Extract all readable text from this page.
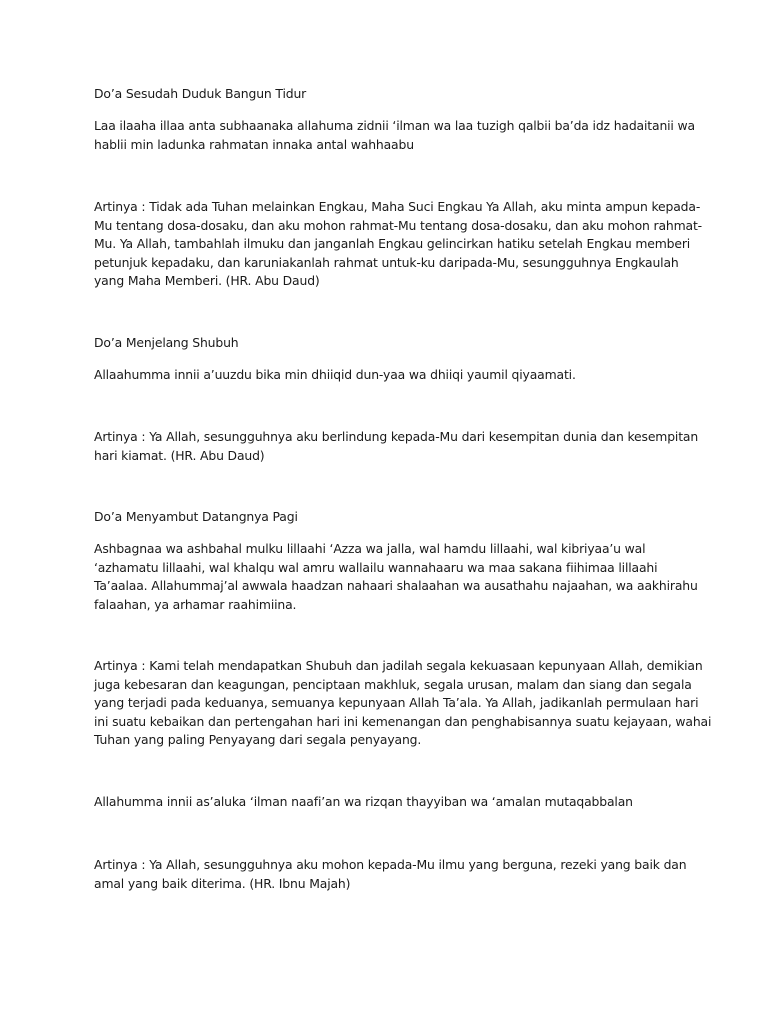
Do’a Sesudah Duduk Bangun Tidur

Laa ilaaha illaa anta subhaanaka allahuma zidnii ‘ilman wa laa tuzigh qalbii ba’da idz hadaitanii wa
hablii min ladunka rahmatan innaka antal wahhaabu

Artinya : Tidak ada Tuhan melainkan Engkau, Maha Suci Engkau Ya Allah, aku minta ampun kepada-
Mu tentang dosa-dosaku, dan aku mohon rahmat-Mu tentang dosa-dosaku, dan aku mohon rahmat-
Mu. Ya Allah, tambahlah ilmuku dan janganlah Engkau gelincirkan hatiku setelah Engkau memberi
petunjuk kepadaku, dan karuniakanlah rahmat untuk-ku daripada-Mu, sesungguhnya Engkaulah
yang Maha Memberi. (HR. Abu Daud)

Do’a Menjelang Shubuh

Allaahumma innii a’uuzdu bika min dhiiqid dun-yaa wa dhiiqi yaumil qiyaamati.

Artinya : Ya Allah, sesungguhnya aku berlindung kepada-Mu dari kesempitan dunia dan kesempitan
hari kiamat. (HR. Abu Daud)

Do’a Menyambut Datangnya Pagi

Ashbagnaa wa ashbahal mulku lillaahi ‘Azza wa jalla, wal hamdu lillaahi, wal kibriyaa’u wal
‘azhamatu lillaahi, wal khalqu wal amru wallailu wannahaaru wa maa sakana fiihimaa lillaahi
Ta’aalaa. Allahummaj’al awwala haadzan nahaari shalaahan wa ausathahu najaahan, wa aakhirahu
falaahan, ya arhamar raahimiina.

Artinya : Kami telah mendapatkan Shubuh dan jadilah segala kekuasaan kepunyaan Allah, demikian
juga kebesaran dan keagungan, penciptaan makhluk, segala urusan, malam dan siang dan segala
yang terjadi pada keduanya, semuanya kepunyaan Allah Ta’ala. Ya Allah, jadikanlah permulaan hari
ini suatu kebaikan dan pertengahan hari ini kemenangan dan penghabisannya suatu kejayaan, wahai
Tuhan yang paling Penyayang dari segala penyayang.

Allahumma innii as’aluka ‘ilman naafi’an wa rizqan thayyiban wa ‘amalan mutaqabbalan

Artinya : Ya Allah, sesungguhnya aku mohon kepada-Mu ilmu yang berguna, rezeki yang baik dan
amal yang baik diterima. (HR. Ibnu Majah)
